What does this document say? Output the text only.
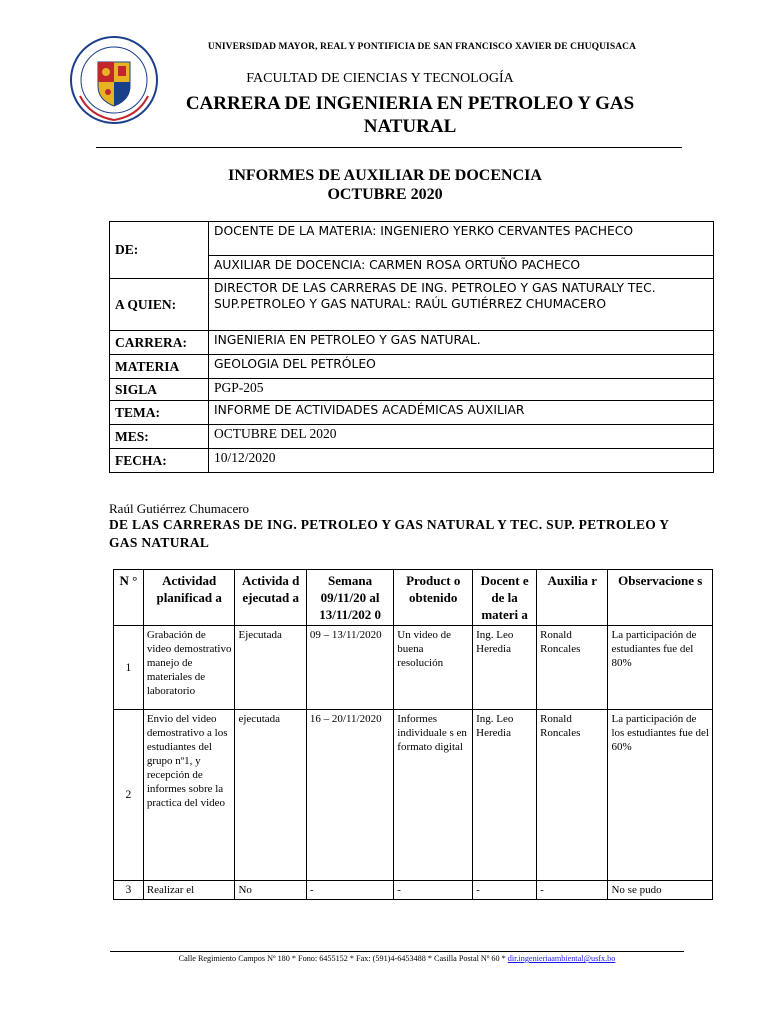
UNIVERSIDAD MAYOR, REAL Y PONTIFICIA DE SAN FRANCISCO XAVIER DE CHUQUISACA
FACULTAD DE CIENCIAS Y TECNOLOGÍA
CARRERA DE INGENIERIA EN PETROLEO Y GAS
NATURAL
INFORMES DE AUXILIAR DE DOCENCIA
OCTUBRE 2020
DE:	DOCENTE DE LA MATERIA: INGENIERO YERKO CERVANTES PACHECO
	AUXILIAR DE DOCENCIA: CARMEN ROSA ORTUÑO PACHECO
A QUIEN:	DIRECTOR DE LAS CARRERAS DE ING. PETROLEO Y GAS NATURALY TEC. SUP.PETROLEO Y GAS NATURAL: RAÚL GUTIÉRREZ CHUMACERO
CARRERA:	INGENIERIA EN PETROLEO Y GAS NATURAL.
MATERIA	GEOLOGIA DEL PETRÓLEO
SIGLA	PGP-205
TEMA:	INFORME DE ACTIVIDADES ACADÉMICAS AUXILIAR
MES:	OCTUBRE DEL 2020
FECHA:	10/12/2020
Raúl Gutiérrez Chumacero
DE LAS CARRERAS DE ING. PETROLEO Y GAS NATURAL Y TEC. SUP. PETROLEO Y GAS NATURAL
N °	Actividad planificad a	Activida d ejecutad a	Semana 09/11/20 al 13/11/202 0	Product o obtenido	Docent e de la materi a	Auxilia r	Observacione s
1	Grabación de video demostrativo manejo de materiales de laboratorio	Ejecutada	09 – 13/11/2020	Un video de buena resolución	Ing. Leo Heredia	Ronald Roncales	La participación de estudiantes fue del 80%
2	Envio del video demostrativo a los estudiantes del grupo nº1, y recepción de informes sobre la practica del video	ejecutada	16 – 20/11/2020	Informes individuale s en formato digital	Ing. Leo Heredia	Ronald Roncales	La participación de los estudiantes fue del 60%
3	Realizar el	No	-	-	-	-	No se pudo
Calle Regimiento Campos Nº 180 * Fono: 6455152 * Fax: (591)4-6453488 * Casilla Postal Nº 60 * dir.ingenieriaambiental@usfx.bo
